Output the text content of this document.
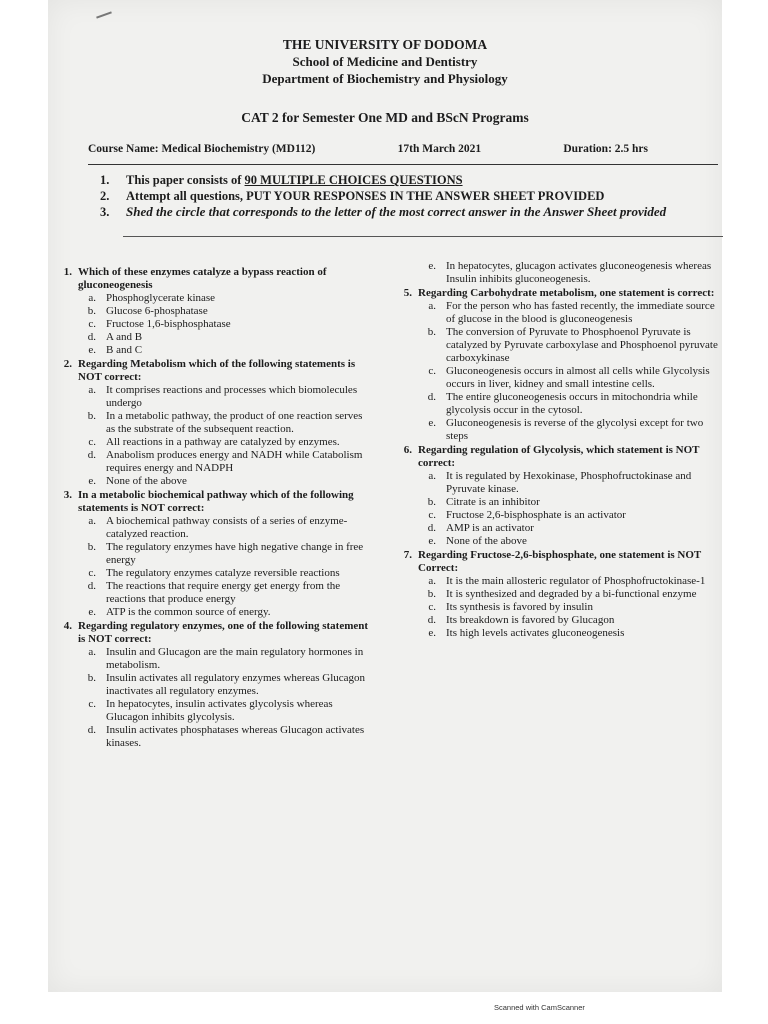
THE UNIVERSITY OF DODOMA
School of Medicine and Dentistry
Department of Biochemistry and Physiology
CAT 2 for Semester One MD and BScN Programs
Course Name: Medical Biochemistry (MD112)	17th March 2021	Duration: 2.5 hrs
1.	This paper consists of 90 MULTIPLE CHOICES QUESTIONS
2.	Attempt all questions, PUT YOUR RESPONSES IN THE ANSWER SHEET PROVIDED
3.	Shed the circle that corresponds to the letter of the most correct answer in the Answer Sheet provided
1. Which of these enzymes catalyze a bypass reaction of gluconeogenesis
a. Phosphoglycerate kinase
b. Glucose 6-phosphatase
c. Fructose 1,6-bisphosphatase
d. A and B
e. B and C
2. Regarding Metabolism which of the following statements is NOT correct:
a. It comprises reactions and processes which biomolecules undergo
b. In a metabolic pathway, the product of one reaction serves as the substrate of the subsequent reaction.
c. All reactions in a pathway are catalyzed by enzymes.
d. Anabolism produces energy and NADH while Catabolism requires energy and NADPH
e. None of the above
3. In a metabolic biochemical pathway which of the following statements is NOT correct:
a. A biochemical pathway consists of a series of enzyme-catalyzed reaction.
b. The regulatory enzymes have high negative change in free energy
c. The regulatory enzymes catalyze reversible reactions
d. The reactions that require energy get energy from the reactions that produce energy
e. ATP is the common source of energy.
4. Regarding regulatory enzymes, one of the following statement is NOT correct:
a. Insulin and Glucagon are the main regulatory hormones in metabolism.
b. Insulin activates all regulatory enzymes whereas Glucagon inactivates all regulatory enzymes.
c. In hepatocytes, insulin activates glycolysis whereas Glucagon inhibits glycolysis.
d. Insulin activates phosphatases whereas Glucagon activates kinases.
e. In hepatocytes, glucagon activates gluconeogenesis whereas Insulin inhibits gluconeogenesis.
5. Regarding Carbohydrate metabolism, one statement is correct:
a. For the person who has fasted recently, the immediate source of glucose in the blood is gluconeogenesis
b. The conversion of Pyruvate to Phosphoenol Pyruvate is catalyzed by Pyruvate carboxylase and Phosphoenol pyruvate carboxykinase
c. Gluconeogenesis occurs in almost all cells while Glycolysis occurs in liver, kidney and small intestine cells.
d. The entire gluconeogenesis occurs in mitochondria while glycolysis occur in the cytosol.
e. Gluconeogenesis is reverse of the glycolysi except for two steps
6. Regarding regulation of Glycolysis, which statement is NOT correct:
a. It is regulated by Hexokinase, Phosphofructokinase and Pyruvate kinase.
b. Citrate is an inhibitor
c. Fructose 2,6-bisphosphate is an activator
d. AMP is an activator
e. None of the above
7. Regarding Fructose-2,6-bisphosphate, one statement is NOT Correct:
a. It is the main allosteric regulator of Phosphofructokinase-1
b. It is synthesized and degraded by a bi-functional enzyme
c. Its synthesis is favored by insulin
d. Its breakdown is favored by Glucagon
e. Its high levels activates gluconeogenesis
Scanned with CamScanner
